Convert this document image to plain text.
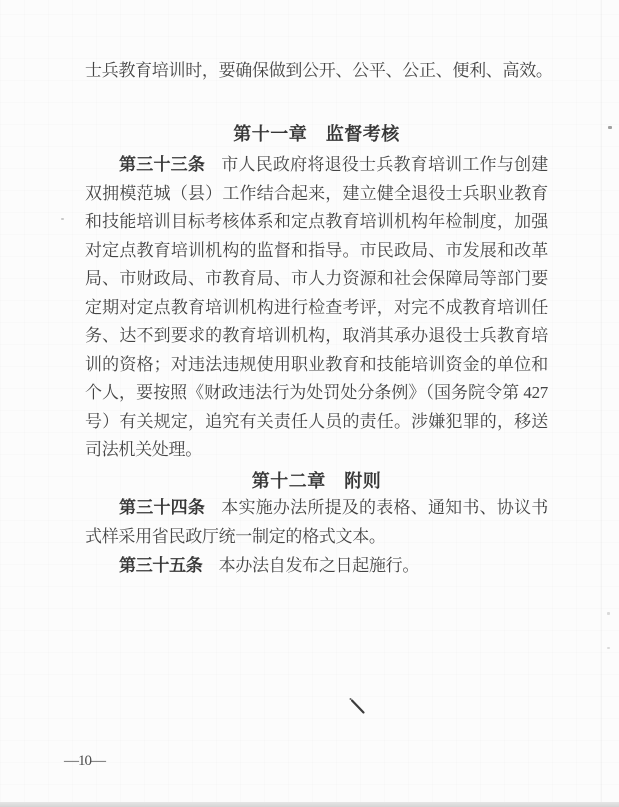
士兵教育培训时，要确保做到公开、公平、公正、便利、高效。
第十一章　监督考核

第三十三条 市人民政府将退役士兵教育培训工作与创建双拥模范城（县）工作结合起来，建立健全退役士兵职业教育和技能培训目标考核体系和定点教育培训机构年检制度，加强对定点教育培训机构的监督和指导。市民政局、市发展和改革局、市财政局、市教育局、市人力资源和社会保障局等部门要定期对定点教育培训机构进行检查考评，对完不成教育培训任务、达不到要求的教育培训机构，取消其承办退役士兵教育培训的资格；对违法违规使用职业教育和技能培训资金的单位和个人，要按照《财政违法行为处罚处分条例》（国务院令第 427 号）有关规定，追究有关责任人员的责任。涉嫌犯罪的，移送司法机关处理。

第十二章　附则

第三十四条 本实施办法所提及的表格、通知书、协议书式样采用省民政厅统一制定的格式文本。

第三十五条 本办法自发布之日起施行。

—10—
